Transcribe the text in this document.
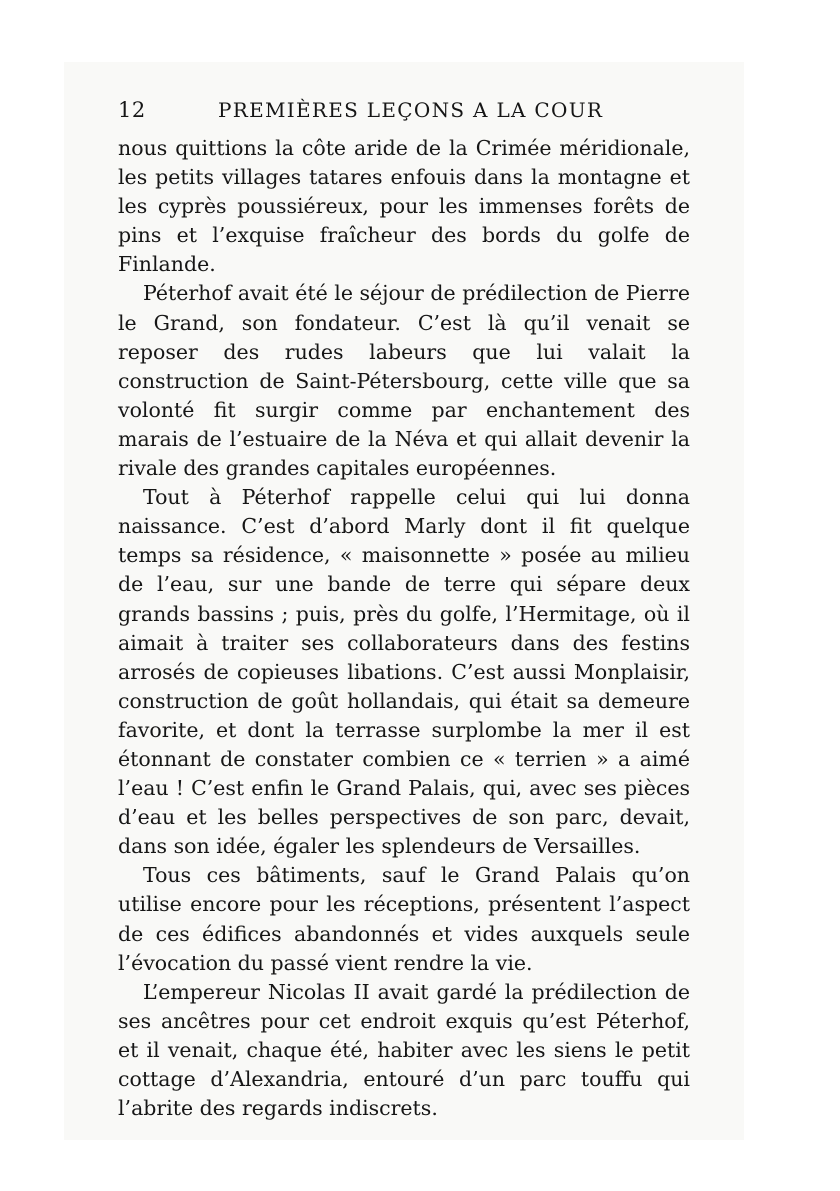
12	PREMIÈRES LEÇONS A LA COUR

nous quittions la côte aride de la Crimée méridionale, les petits villages tatares enfouis dans la montagne et les cyprès poussiéreux, pour les immenses forêts de pins et l’exquise fraîcheur des bords du golfe de Finlande.

Péterhof avait été le séjour de prédilection de Pierre le Grand, son fondateur. C’est là qu’il venait se reposer des rudes labeurs que lui valait la construction de Saint-Pétersbourg, cette ville que sa volonté fit surgir comme par enchantement des marais de l’estuaire de la Néva et qui allait devenir la rivale des grandes capitales européennes.

Tout à Péterhof rappelle celui qui lui donna naissance. C’est d’abord Marly dont il fit quelque temps sa résidence, « maisonnette » posée au milieu de l’eau, sur une bande de terre qui sépare deux grands bassins ; puis, près du golfe, l’Hermitage, où il aimait à traiter ses collaborateurs dans des festins arrosés de copieuses libations. C’est aussi Monplaisir, construction de goût hollandais, qui était sa demeure favorite, et dont la terrasse surplombe la mer il est étonnant de constater combien ce « terrien » a aimé l’eau ! C’est enfin le Grand Palais, qui, avec ses pièces d’eau et les belles perspectives de son parc, devait, dans son idée, égaler les splendeurs de Versailles.

Tous ces bâtiments, sauf le Grand Palais qu’on utilise encore pour les réceptions, présentent l’aspect de ces édifices abandonnés et vides auxquels seule l’évocation du passé vient rendre la vie.

L’empereur Nicolas II avait gardé la prédilection de ses ancêtres pour cet endroit exquis qu’est Péterhof, et il venait, chaque été, habiter avec les siens le petit cottage d’Alexandria, entouré d’un parc touffu qui l’abrite des regards indiscrets.
